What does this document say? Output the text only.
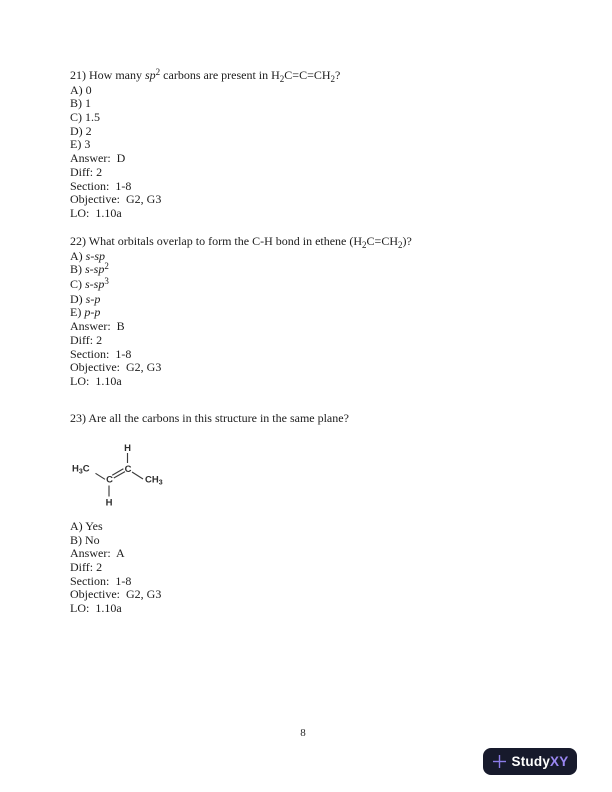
21) How many $sp^2$ carbons are present in $H_2C=C=CH_2$?
A) 0
B) 1
C) 1.5
D) 2
E) 3
Answer:  D
Diff: 2
Section:  1-8
Objective:  G2, G3
LO:  1.10a
22) What orbitals overlap to form the C-H bond in ethene $(H_2C=CH_2)$?
A) s-sp
B) $s-sp^2$
C) $s-sp^3$
D) s-p
E) p-p
Answer:  B
Diff: 2
Section:  1-8
Objective:  G2, G3
LO:  1.10a
23) Are all the carbons in this structure in the same plane?
H
H3C
C
C
CH3
H
A) Yes
B) No
Answer:  A
Diff: 2
Section:  1-8
Objective:  G2, G3
LO:  1.10a
8
StudyXY
